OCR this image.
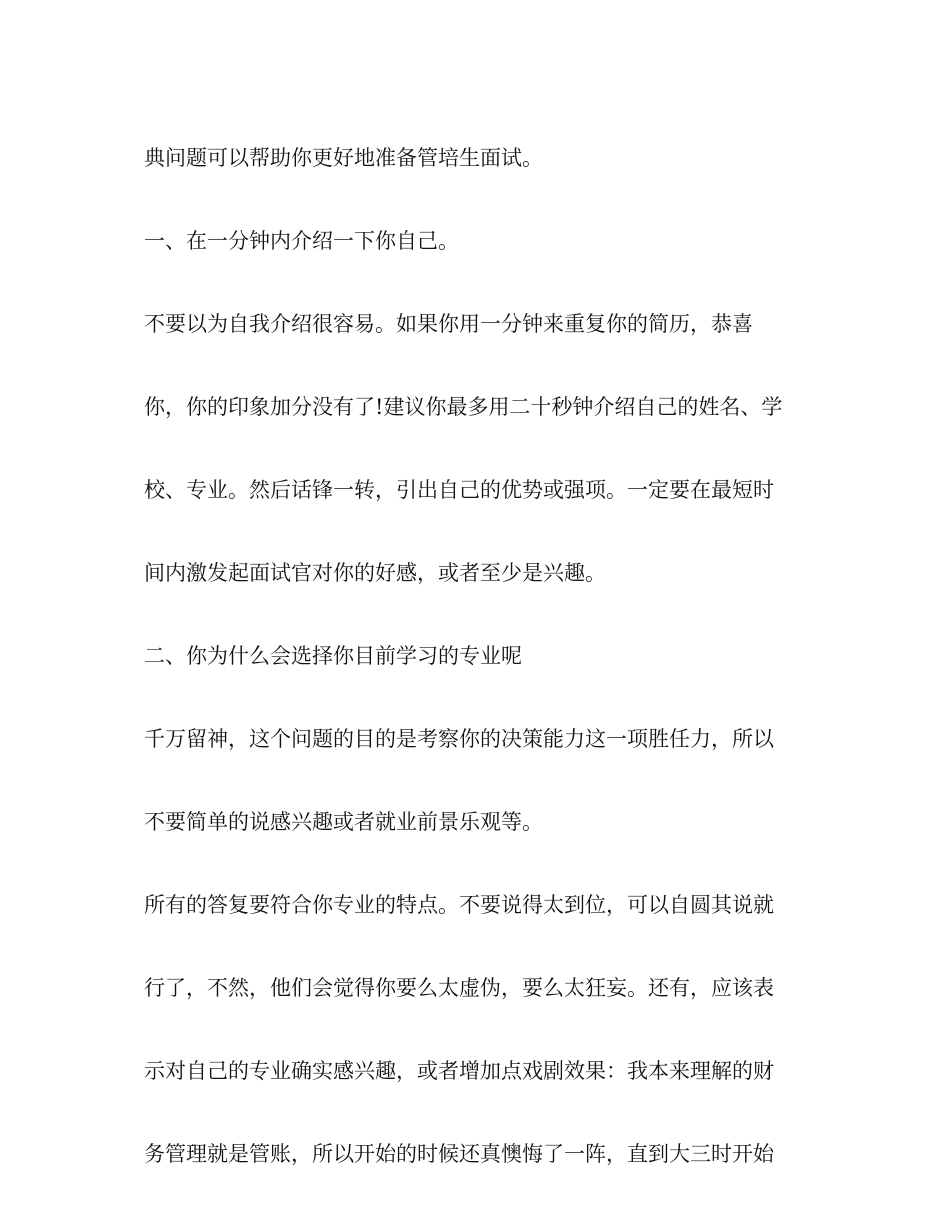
典问题可以帮助你更好地准备管培生面试。

一、在一分钟内介绍一下你自己。

不要以为自我介绍很容易。如果你用一分钟来重复你的简历，恭喜

你，你的印象加分没有了!建议你最多用二十秒钟介绍自己的姓名、学

校、专业。然后话锋一转，引出自己的优势或强项。一定要在最短时

间内激发起面试官对你的好感，或者至少是兴趣。

二、你为什么会选择你目前学习的专业呢

千万留神，这个问题的目的是考察你的决策能力这一项胜任力，所以

不要简单的说感兴趣或者就业前景乐观等。

所有的答复要符合你专业的特点。不要说得太到位，可以自圆其说就

行了，不然，他们会觉得你要么太虚伪，要么太狂妄。还有，应该表

示对自己的专业确实感兴趣，或者增加点戏剧效果：我本来理解的财

务管理就是管账，所以开始的时候还真懊悔了一阵，直到大三时开始
